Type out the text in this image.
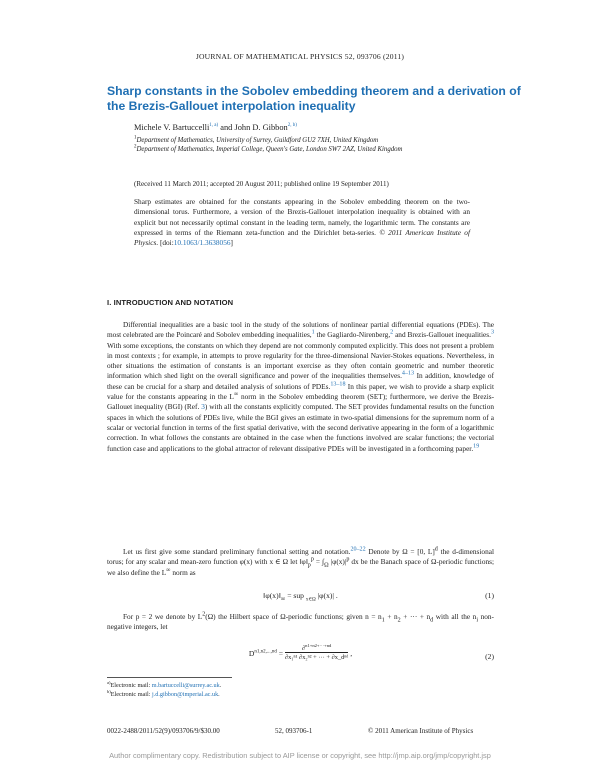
JOURNAL OF MATHEMATICAL PHYSICS 52, 093706 (2011)
Sharp constants in the Sobolev embedding theorem and a derivation of the Brezis-Gallouet interpolation inequality
Michele V. Bartuccelli$^{1, a)}$ and John D. Gibbon$^{2, b)}$
$^1$Department of Mathematics, University of Surrey, Guildford GU2 7XH, United Kingdom
$^2$Department of Mathematics, Imperial College, Queen's Gate, London SW7 2AZ, United Kingdom
(Received 11 March 2011; accepted 20 August 2011; published online 19 September 2011)
Sharp estimates are obtained for the constants appearing in the Sobolev embedding theorem on the two-dimensional torus. Furthermore, a version of the Brezis-Gallouet interpolation inequality is obtained with an explicit but not necessarily optimal constant in the leading term, namely, the logarithmic term. The constants are expressed in terms of the Riemann zeta-function and the Dirichlet beta-series. © 2011 American Institute of Physics. [doi:10.1063/1.3638056]
I. INTRODUCTION AND NOTATION
Differential inequalities are a basic tool in the study of the solutions of nonlinear partial differential equations (PDEs). The most celebrated are the Poincaré and Sobolev embedding inequalities,$^1$ the Gagliardo-Nirenberg,$^2$ and Brezis-Gallouet inequalities.$^3$ With some exceptions, the constants on which they depend are not commonly computed explicitly. This does not present a problem in most contexts ; for example, in attempts to prove regularity for the three-dimensional Navier-Stokes equations. Nevertheless, in other situations the estimation of constants is an important exercise as they often contain geometric and number theoretic information which shed light on the overall significance and power of the inequalities themselves.$^{4-13}$ In addition, knowledge of these can be crucial for a sharp and detailed analysis of solutions of PDEs.$^{13-18}$ In this paper, we wish to provide a sharp explicit value for the constants appearing in the L∞ norm in the Sobolev embedding theorem (SET); furthermore, we derive the Brezis-Gallouet inequality (BGI) (Ref. 3) with all the constants explicitly computed. The SET provides fundamental results on the function spaces in which the solutions of PDEs live, while the BGI gives an estimate in two-spatial dimensions for the supremum norm of a scalar or vectorial function in terms of the first spatial derivative, with the second derivative appearing in the form of a logarithmic correction. In what follows the constants are obtained in the case when the functions involved are scalar functions; the vectorial function case and applications to the global attractor of relevant dissipative PDEs will be investigated in a forthcoming paper.$^{19}$
Let us first give some standard preliminary functional setting and notation.$^{20-22}$ Denote by Ω = [0, L]$^d$ the d-dimensional torus; for any scalar and mean-zero function φ(x) with x ∈ Ω let $‖\varphi‖_p^p = \int_\Omega$ $|\varphi(x)|^p$ dx be the Banach space of Ω-periodic functions; we also define the L∞ norm as
$‖\varphi(x)‖_\infty$ = sup $_{x\in\Omega}$ |φ(x)| .	(1)
For p = 2 we denote by $L^2(\Omega)$ the Hilbert space of Ω-periodic functions; given $n = n_1 + n_2$ + ··· + $n_d$ with all the $n_i$ non-negative integers, let
$D^{n1,n2,...,nd}$ =	∂$^{n1+n2+\cdot\cdot\cdot+nd}$
∂x₁ⁿ¹ ∂x₂ⁿ² + ··· + ∂x_dⁿᵈ ,	(2)
$^{a)}$Electronic mail: m.bartuccelli@surrey.ac.uk.
$^{b)}$Electronic mail: j.d.gibbon@imperial.ac.uk.
0022-2488/2011/52(9)/093706/9/$30.00	52, 093706-1	© 2011 American Institute of Physics
Author complimentary copy. Redistribution subject to AIP license or copyright, see http://jmp.aip.org/jmp/copyright.jsp
